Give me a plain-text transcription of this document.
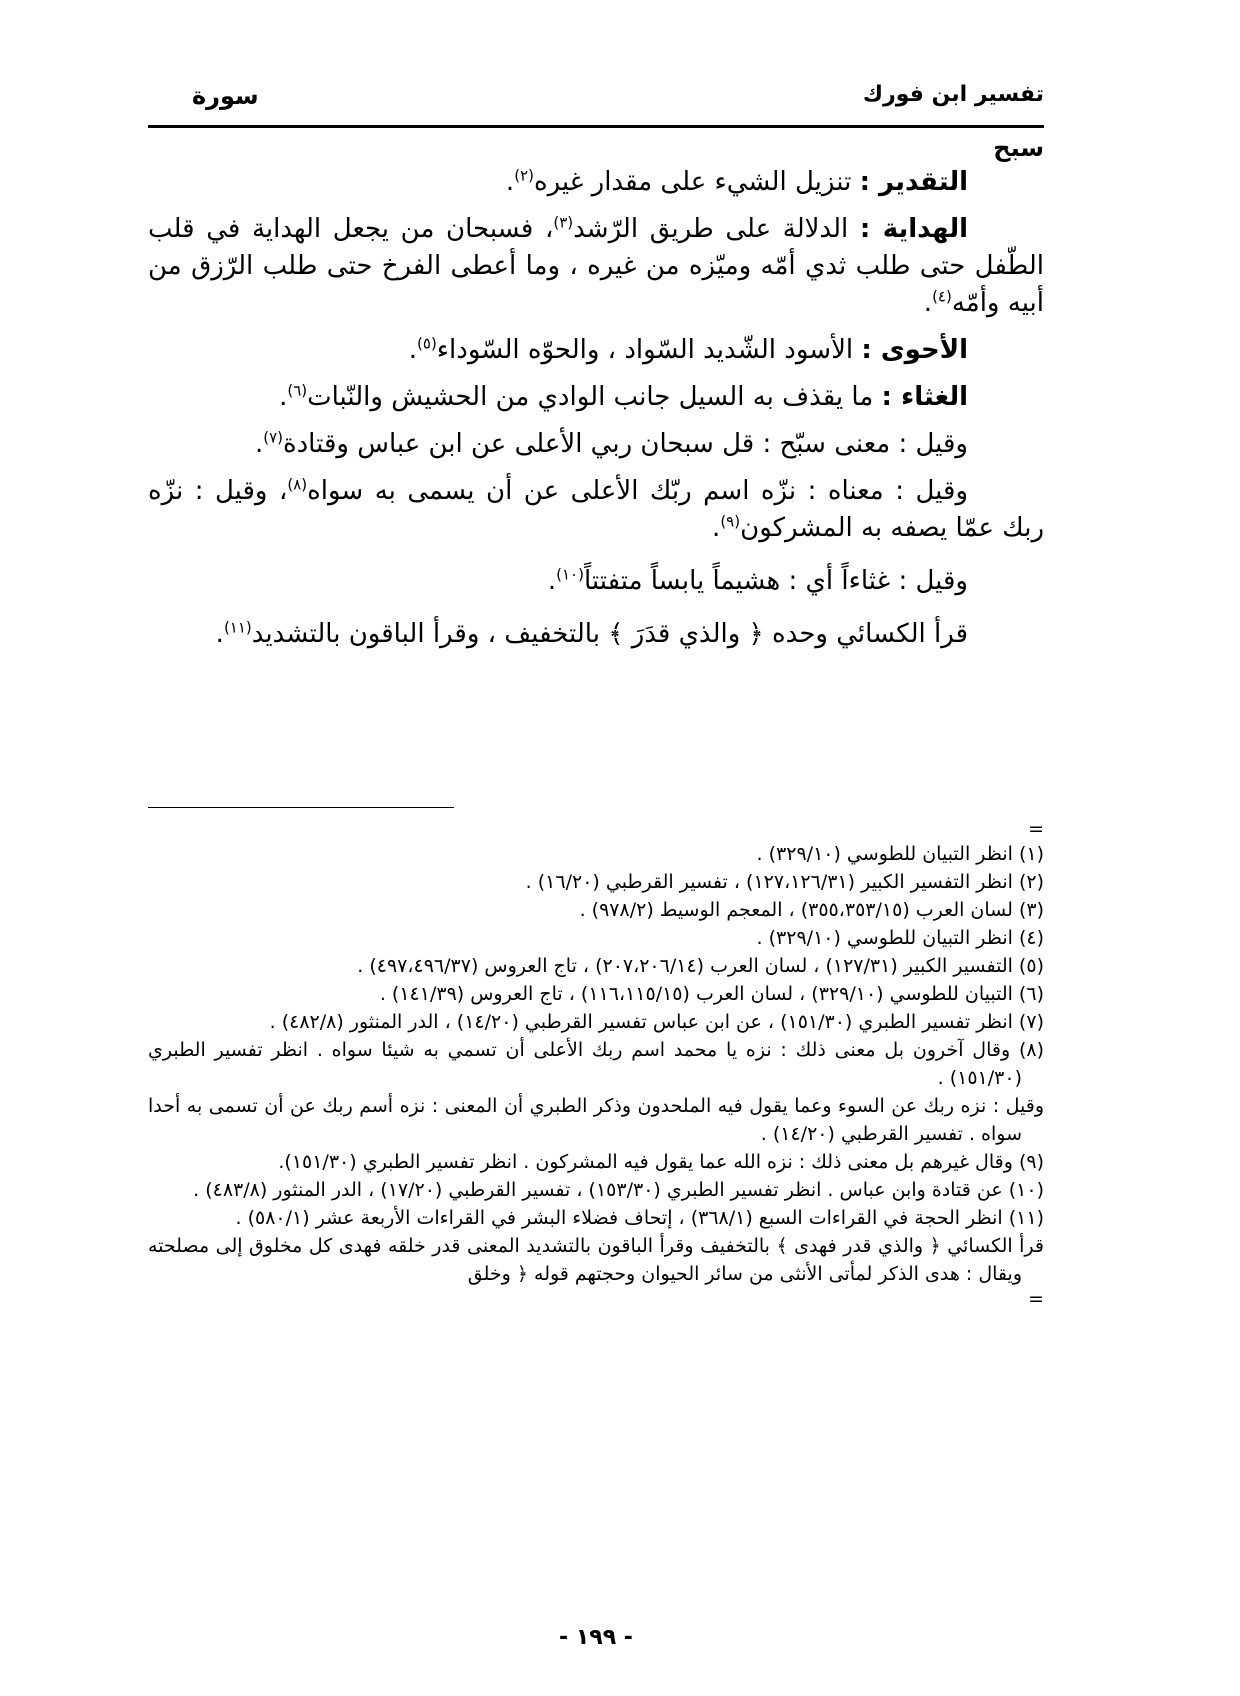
تفسير ابن فورك
سورة
سبح

التقدير : تنزيل الشيء على مقدار غيره$^{(٢)}$.

الهداية : الدلالة على طريق الرّشد$^{(٣)}$، فسبحان من يجعل الهداية في قلب الطّفل حتى طلب ثدي أمّه وميّزه من غيره ، وما أعطى الفرخ حتى طلب الرّزق من أبيه وأمّه$^{(٤)}$.

الأحوى : الأسود الشّديد السّواد ، والحوّه السّوداء$^{(٥)}$.

الغثاء : ما يقذف به السيل جانب الوادي من الحشيش والنّبات$^{(٦)}$.

وقيل : معنى سبّح : قل سبحان ربي الأعلى عن ابن عباس وقتادة$^{(٧)}$.

وقيل : معناه : نزّه اسم ربّك الأعلى عن أن يسمى به سواه$^{(٨)}$، وقيل : نزّه ربك عمّا يصفه به المشركون$^{(٩)}$.

وقيل : غثاءاً أي : هشيماً يابساً متفتتاً$^{(١٠)}$.

قرأ الكسائي وحده ﴿ والذي قدَرَ ﴾ بالتخفيف ، وقرأ الباقون بالتشديد$^{(١١)}$.

=
(١) انظر التبيان للطوسي (٣٢٩/١٠) .
(٢) انظر التفسير الكبير (١٢٧،١٢٦/٣١) ، تفسير القرطبي (١٦/٢٠) .
(٣) لسان العرب (٣٥٥،٣٥٣/١٥) ، المعجم الوسيط (٩٧٨/٢) .
(٤) انظر التبيان للطوسي (٣٢٩/١٠) .
(٥) التفسير الكبير (١٢٧/٣١) ، لسان العرب (٢٠٧،٢٠٦/١٤) ، تاج العروس (٤٩٧،٤٩٦/٣٧) .
(٦) التبيان للطوسي (٣٢٩/١٠) ، لسان العرب (١١٦،١١٥/١٥) ، تاج العروس (١٤١/٣٩) .
(٧) انظر تفسير الطبري (١٥١/٣٠) ، عن ابن عباس تفسير القرطبي (١٤/٢٠) ، الدر المنثور (٤٨٢/٨) .
(٨) وقال آخرون بل معنى ذلك : نزه يا محمد اسم ربك الأعلى أن تسمي به شيئا سواه . انظر تفسير الطبري (١٥١/٣٠) .
وقيل : نزه ربك عن السوء وعما يقول فيه الملحدون وذكر الطبري أن المعنى : نزه أسم ربك عن أن تسمى به أحدا سواه . تفسير القرطبي (١٤/٢٠) .
(٩) وقال غيرهم بل معنى ذلك : نزه الله عما يقول فيه المشركون . انظر تفسير الطبري (١٥١/٣٠).
(١٠) عن قتادة وابن عباس . انظر تفسير الطبري (١٥٣/٣٠) ، تفسير القرطبي (١٧/٢٠) ، الدر المنثور (٤٨٣/٨) .
(١١) انظر الحجة في القراءات السبع (٣٦٨/١) ، إتحاف فضلاء البشر في القراءات الأربعة عشر (٥٨٠/١) .
قرأ الكسائي ﴿ والذي قدر فهدى ﴾ بالتخفيف وقرأ الباقون بالتشديد المعنى قدر خلقه فهدى كل مخلوق إلى مصلحته ويقال : هدى الذكر لمأتى الأنثى من سائر الحيوان وحجتهم قوله ﴿ وخلق
=
- ١٩٩ -
